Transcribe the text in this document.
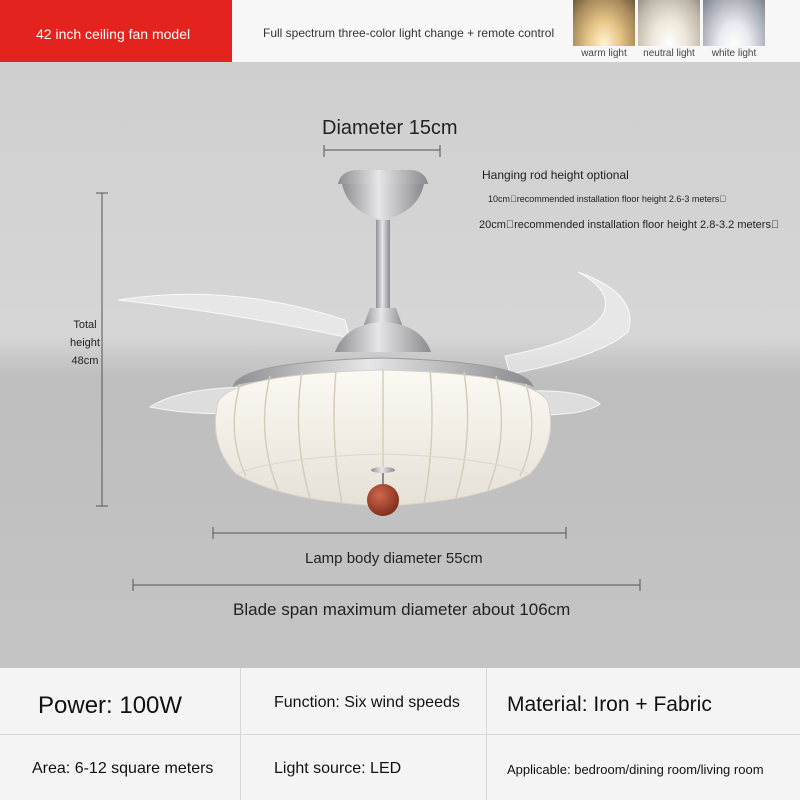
42 inch ceiling fan model	Full spectrum three-color light change + remote control
warm light	neutral light	white light
Diameter 15cm
Hanging rod height optional
10cm recommended installation floor height 2.6-3 meters 
20cm recommended installation floor height 2.8-3.2 meters 
Total height 48cm
Lamp body diameter 55cm
Blade span maximum diameter about 106cm
Power: 100W	Function: Six wind speeds Material: Iron + Fabric
Area: 6-12 square meters	Light source: LED	Applicable: bedroom/dining room/living room
